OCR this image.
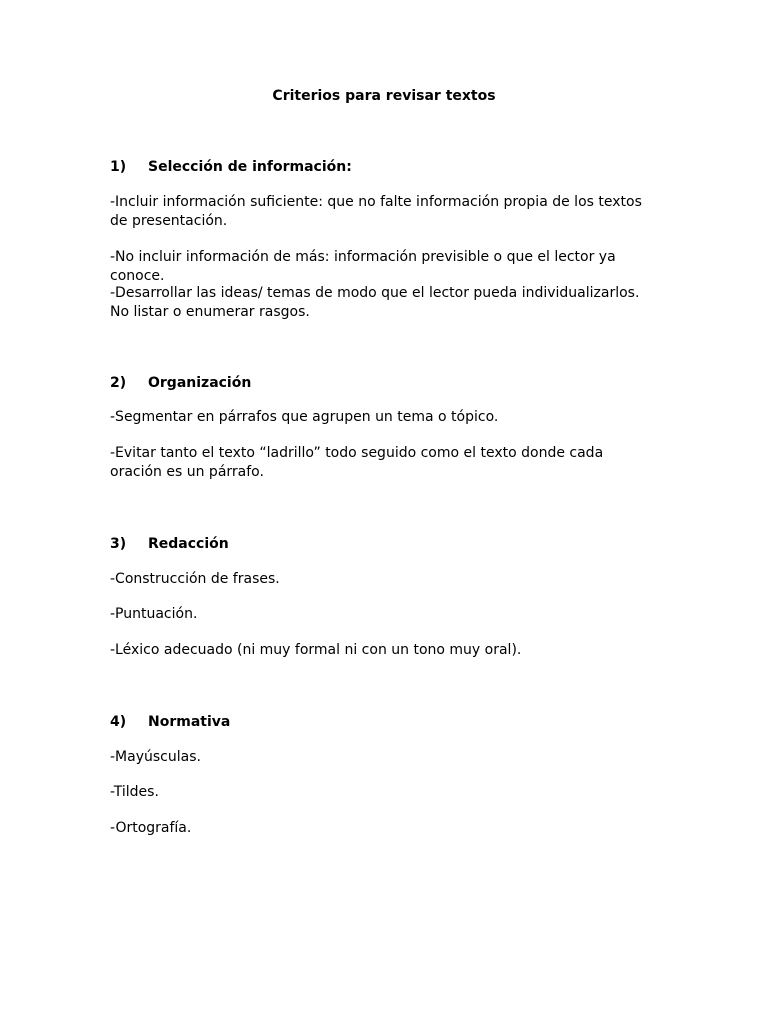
Criterios para revisar textos
1) Selección de información:
-Incluir información suficiente: que no falte información propia de los textos de presentación.
-No incluir información de más: información previsible o que el lector ya conoce.
-Desarrollar las ideas/ temas de modo que el lector pueda individualizarlos. No listar o enumerar rasgos.
2) Organización
-Segmentar en párrafos que agrupen un tema o tópico.
-Evitar tanto el texto “ladrillo” todo seguido como el texto donde cada oración es un párrafo.
3) Redacción
-Construcción de frases.
-Puntuación.
-Léxico adecuado (ni muy formal ni con un tono muy oral).
4) Normativa
-Mayúsculas.
-Tildes.
-Ortografía.
